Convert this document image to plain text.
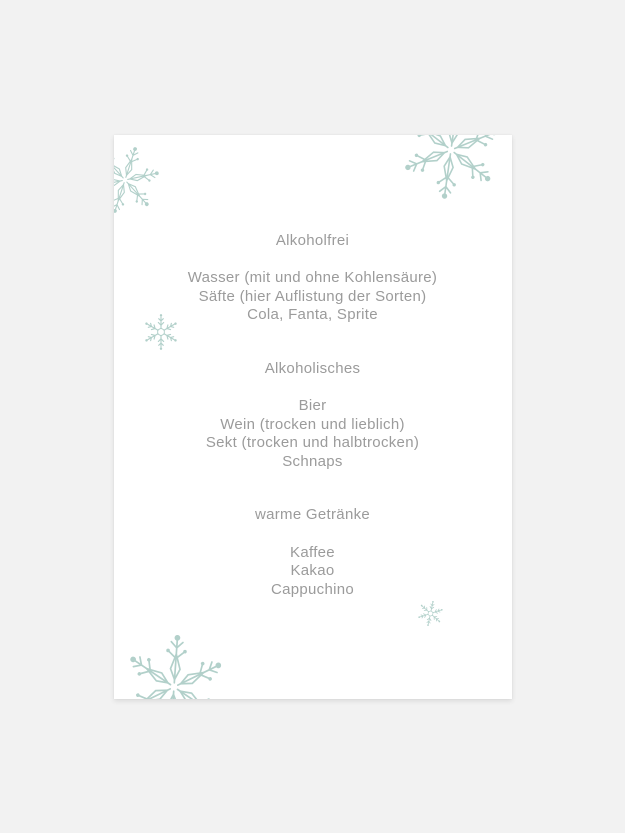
Alkoholfrei

Wasser (mit und ohne Kohlensäure)

Säfte (hier Auflistung der Sorten)

Cola, Fanta, Sprite

Alkoholisches

Bier

Wein (trocken und lieblich)

Sekt (trocken und halbtrocken)

Schnaps

warme Getränke

Kaffee

Kakao

Cappuchino
